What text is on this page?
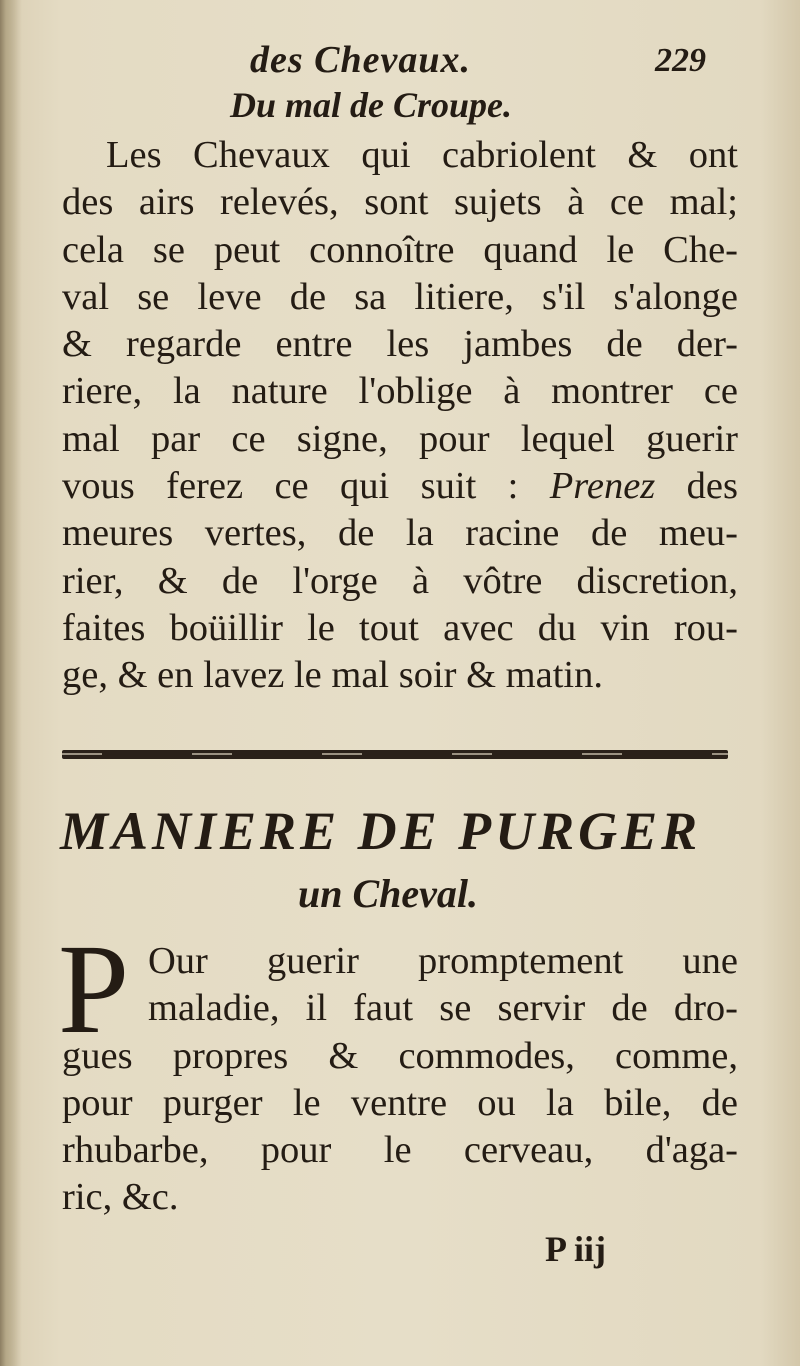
des Chevaux.	229
Du mal de Croupe.
Les Chevaux qui cabriolent & ont
des airs relevés, sont sujets à ce mal;
cela se peut connoître quand le Che-
val se leve de sa litiere, s'il s'alonge
& regarde entre les jambes de der-
riere, la nature l'oblige à montrer ce
mal par ce signe, pour lequel guerir
vous ferez ce qui suit : Prenez des
meures vertes, de la racine de meu-
rier, & de l'orge à vôtre discretion,
faites boüillir le tout avec du vin rou-
ge, & en lavez le mal soir & matin.
MANIERE DE PURGER
un Cheval.
P Our guerir promptement une
maladie, il faut se servir de dro-
gues propres & commodes, comme,
pour purger le ventre ou la bile, de
rhubarbe, pour le cerveau, d'aga-
ric, &c.
P iij
